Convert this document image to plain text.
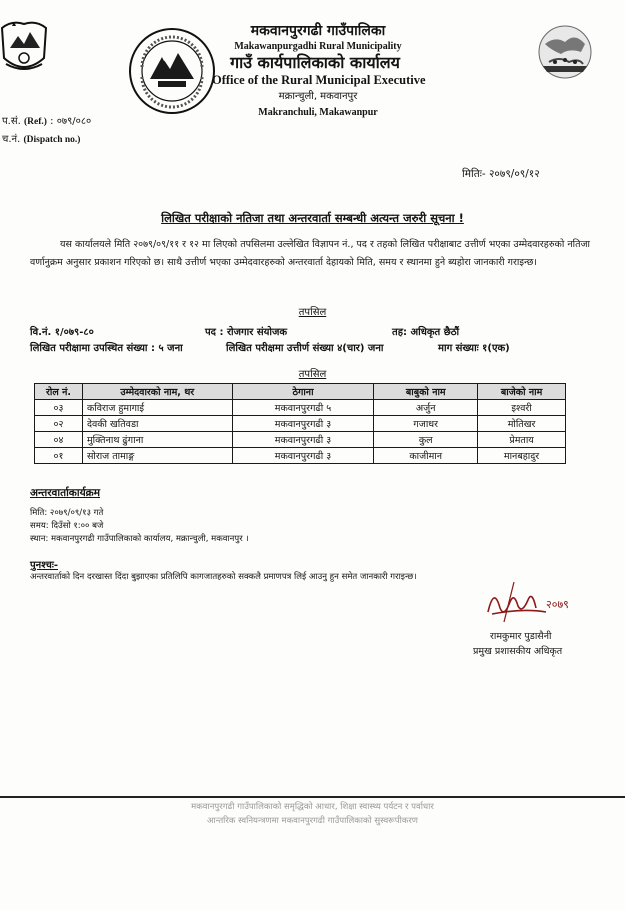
मकवानपुरगढी गाउँपालिका
Makawanpurgadhi Rural Municipality
गाउँ कार्यपालिकाको कार्यालय
Office of the Rural Municipal Executive
मक्रान्चुली, मकवानपुर
Makranchuli, Makawanpur
प.सं. (Ref.) : ०७९/०८०
च.नं. (Dispatch no.)
मितिः- २०७९/०९/१२
लिखित परीक्षाको नतिजा तथा अन्तरवार्ता सम्बन्धी अत्यन्त जरुरी सूचना !

यस कार्यालयले मिति २०७९/०९/११ र १२ मा लिएको तपसिलमा उल्लेखित विज्ञापन नं., पद र तहको लिखित परीक्षाबाट उत्तीर्ण भएका उम्मेदवारहरुको नतिजा वर्णानुक्रम अनुसार प्रकाशन गरिएको छ। साथै उत्तीर्ण भएका उम्मेदवारहरुको अन्तरवार्ता देहायको मिति, समय र स्थानमा हुने ब्यहोरा जानकारी गराइन्छ।

तपसिल
वि.नं. १/०७९-८०	पद : रोजगार संयोजक	तह: अधिकृत छैठौं
लिखित परीक्षामा उपस्थित संख्या : ५ जना	लिखित परीक्षमा उत्तीर्ण संख्या ४(चार) जना	माग संख्याः १(एक)
तपसिल
रोल नं.	उम्मेदवारको नाम, थर	ठेगाना	बाबुको नाम	बाजेको नाम
०३	कविराज हुमागाई	मकवानपुरगढी ५	अर्जुन	इश्वरी
०२	देवकी खतिवडा	मकवानपुरगढी ३	गजाधर	मोतिखर
०४	मुक्तिनाथ ढुंगाना	मकवानपुरगढी ३	कुल	प्रेमताय
०१	सोराज तामाङ्ग	मकवानपुरगढी ३	काजीमान	मानबहादुर
अन्तरवार्ताकार्यक्रम
मिति: २०७९/०९/१३ गते
समय: दिउँसो १:०० बजे
स्थान: मकवानपुरगढी गाउँपालिकाको कार्यालय, मक्रान्चुली, मकवानपुर ।
पुनश्चः-
अन्तरवार्ताको दिन दरखास्त दिंदा बुझाएका प्रतिलिपि कागजातहरुको सक्कलै प्रमाणपत्र लिई आउनु हुन समेत जानकारी गराइन्छ।
२०७९
रामकुमार पुडासैनी
प्रमुख प्रशासकीय अधिकृत
मकवानपुरगढी गाउँपालिकाको समृद्धिको आधार, शिक्षा स्वास्थ्य पर्यटन र पर्वाधार
आन्तरिक स्वनियन्त्रणमा मकवानपुरगढी गाउँपालिकाको सुस्वरूपीकरण
